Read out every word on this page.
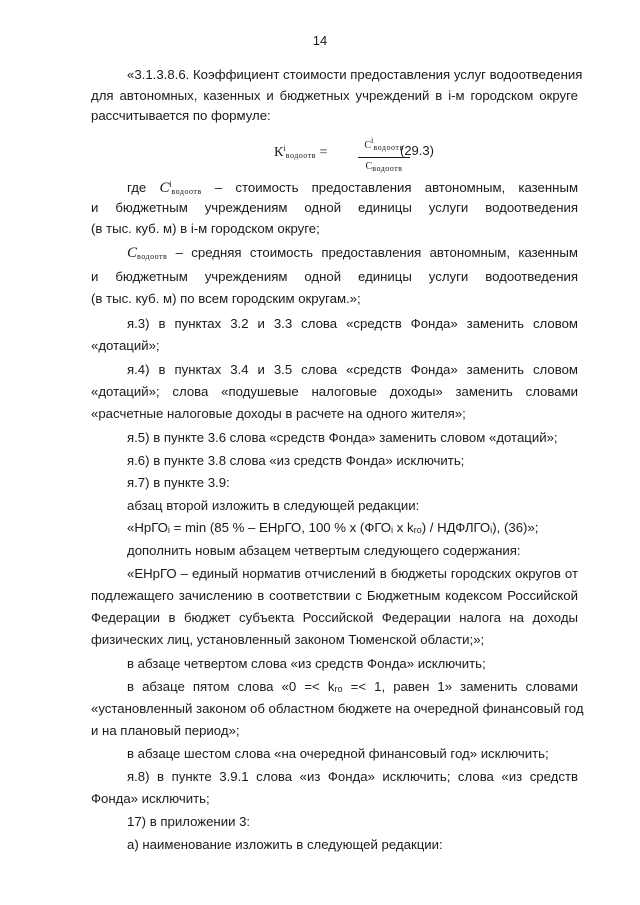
14
«3.1.3.8.6. Коэффициент стоимости предоставления услуг водоотведения
для автономных, казенных и бюджетных учреждений в i-м городском округе
рассчитывается по формуле:
$К^i_{водоотв}$ =	$С^i_{водоотв}$
$С_{водоотв}$
(29.3)
где $С^i_{водоотв}$ – стоимость предоставления автономным, казенным
и бюджетным учреждениям одной единицы услуги водоотведения
(в тыс. куб. м) в i-м городском округе;
$С_{водоотв}$ – средняя стоимость предоставления автономным, казенным
и бюджетным учреждениям одной единицы услуги водоотведения
(в тыс. куб. м) по всем городским округам.»;
я.3) в пунктах 3.2 и 3.3 слова «средств Фонда» заменить словом
«дотаций»;
я.4) в пунктах 3.4 и 3.5 слова «средств Фонда» заменить словом
«дотаций»; слова «подушевые налоговые доходы» заменить словами
«расчетные налоговые доходы в расчете на одного жителя»;
я.5) в пункте 3.6 слова «средств Фонда» заменить словом «дотаций»;
я.6) в пункте 3.8 слова «из средств Фонда» исключить;
я.7) в пункте 3.9:
абзац второй изложить в следующей редакции:
«НрГОᵢ = min (85 % – ЕНрГО, 100 % x (ФГОᵢ x kᵣₒ) / НДФЛГОᵢ), (36)»;
дополнить новым абзацем четвертым следующего содержания:
«ЕНрГО – единый норматив отчислений в бюджеты городских округов от
подлежащего зачислению в соответствии с Бюджетным кодексом Российской
Федерации в бюджет субъекта Российской Федерации налога на доходы
физических лиц, установленный законом Тюменской области;»;
в абзаце четвертом слова «из средств Фонда» исключить;
в абзаце пятом слова «0 =< kᵣₒ =< 1, равен 1» заменить словами
«установленный законом об областном бюджете на очередной финансовый год
и на плановый период»;
в абзаце шестом слова «на очередной финансовый год» исключить;
я.8) в пункте 3.9.1 слова «из Фонда» исключить; слова «из средств
Фонда» исключить;
17) в приложении 3:
а) наименование изложить в следующей редакции:
